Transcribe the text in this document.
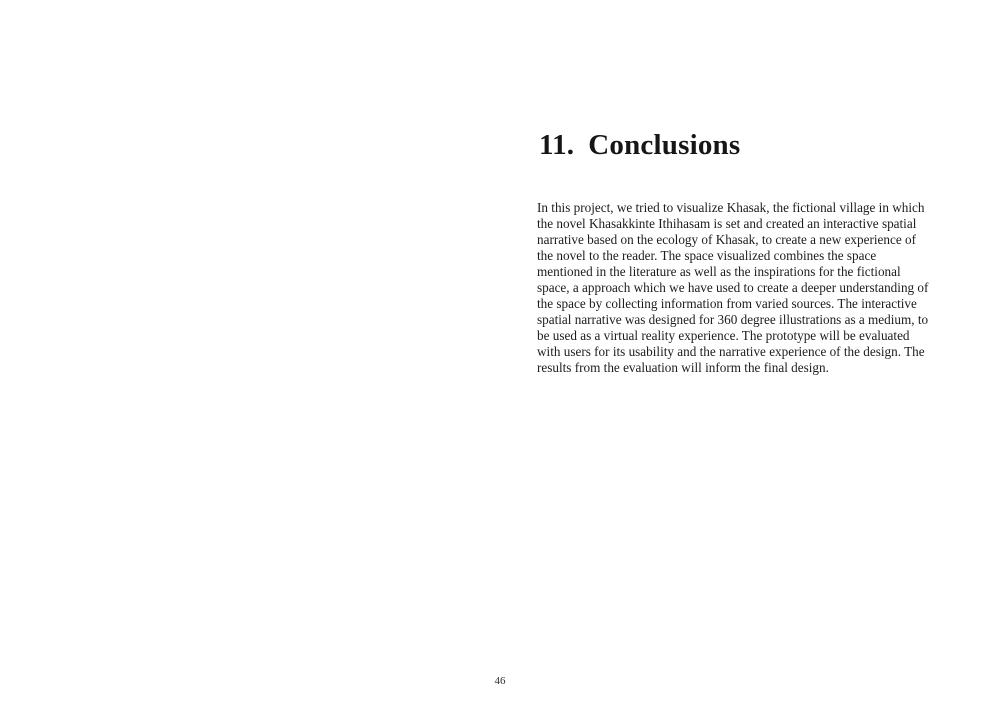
11. Conclusions

In this project, we tried to visualize Khasak, the fictional village in which
the novel Khasakkinte Ithihasam is set and created an interactive spatial
narrative based on the ecology of Khasak, to create a new experience of
the novel to the reader. The space visualized combines the space
mentioned in the literature as well as the inspirations for the fictional
space, a approach which we have used to create a deeper understanding of
the space by collecting information from varied sources. The interactive
spatial narrative was designed for 360 degree illustrations as a medium, to
be used as a virtual reality experience. The prototype will be evaluated
with users for its usability and the narrative experience of the design. The
results from the evaluation will inform the final design.

46
